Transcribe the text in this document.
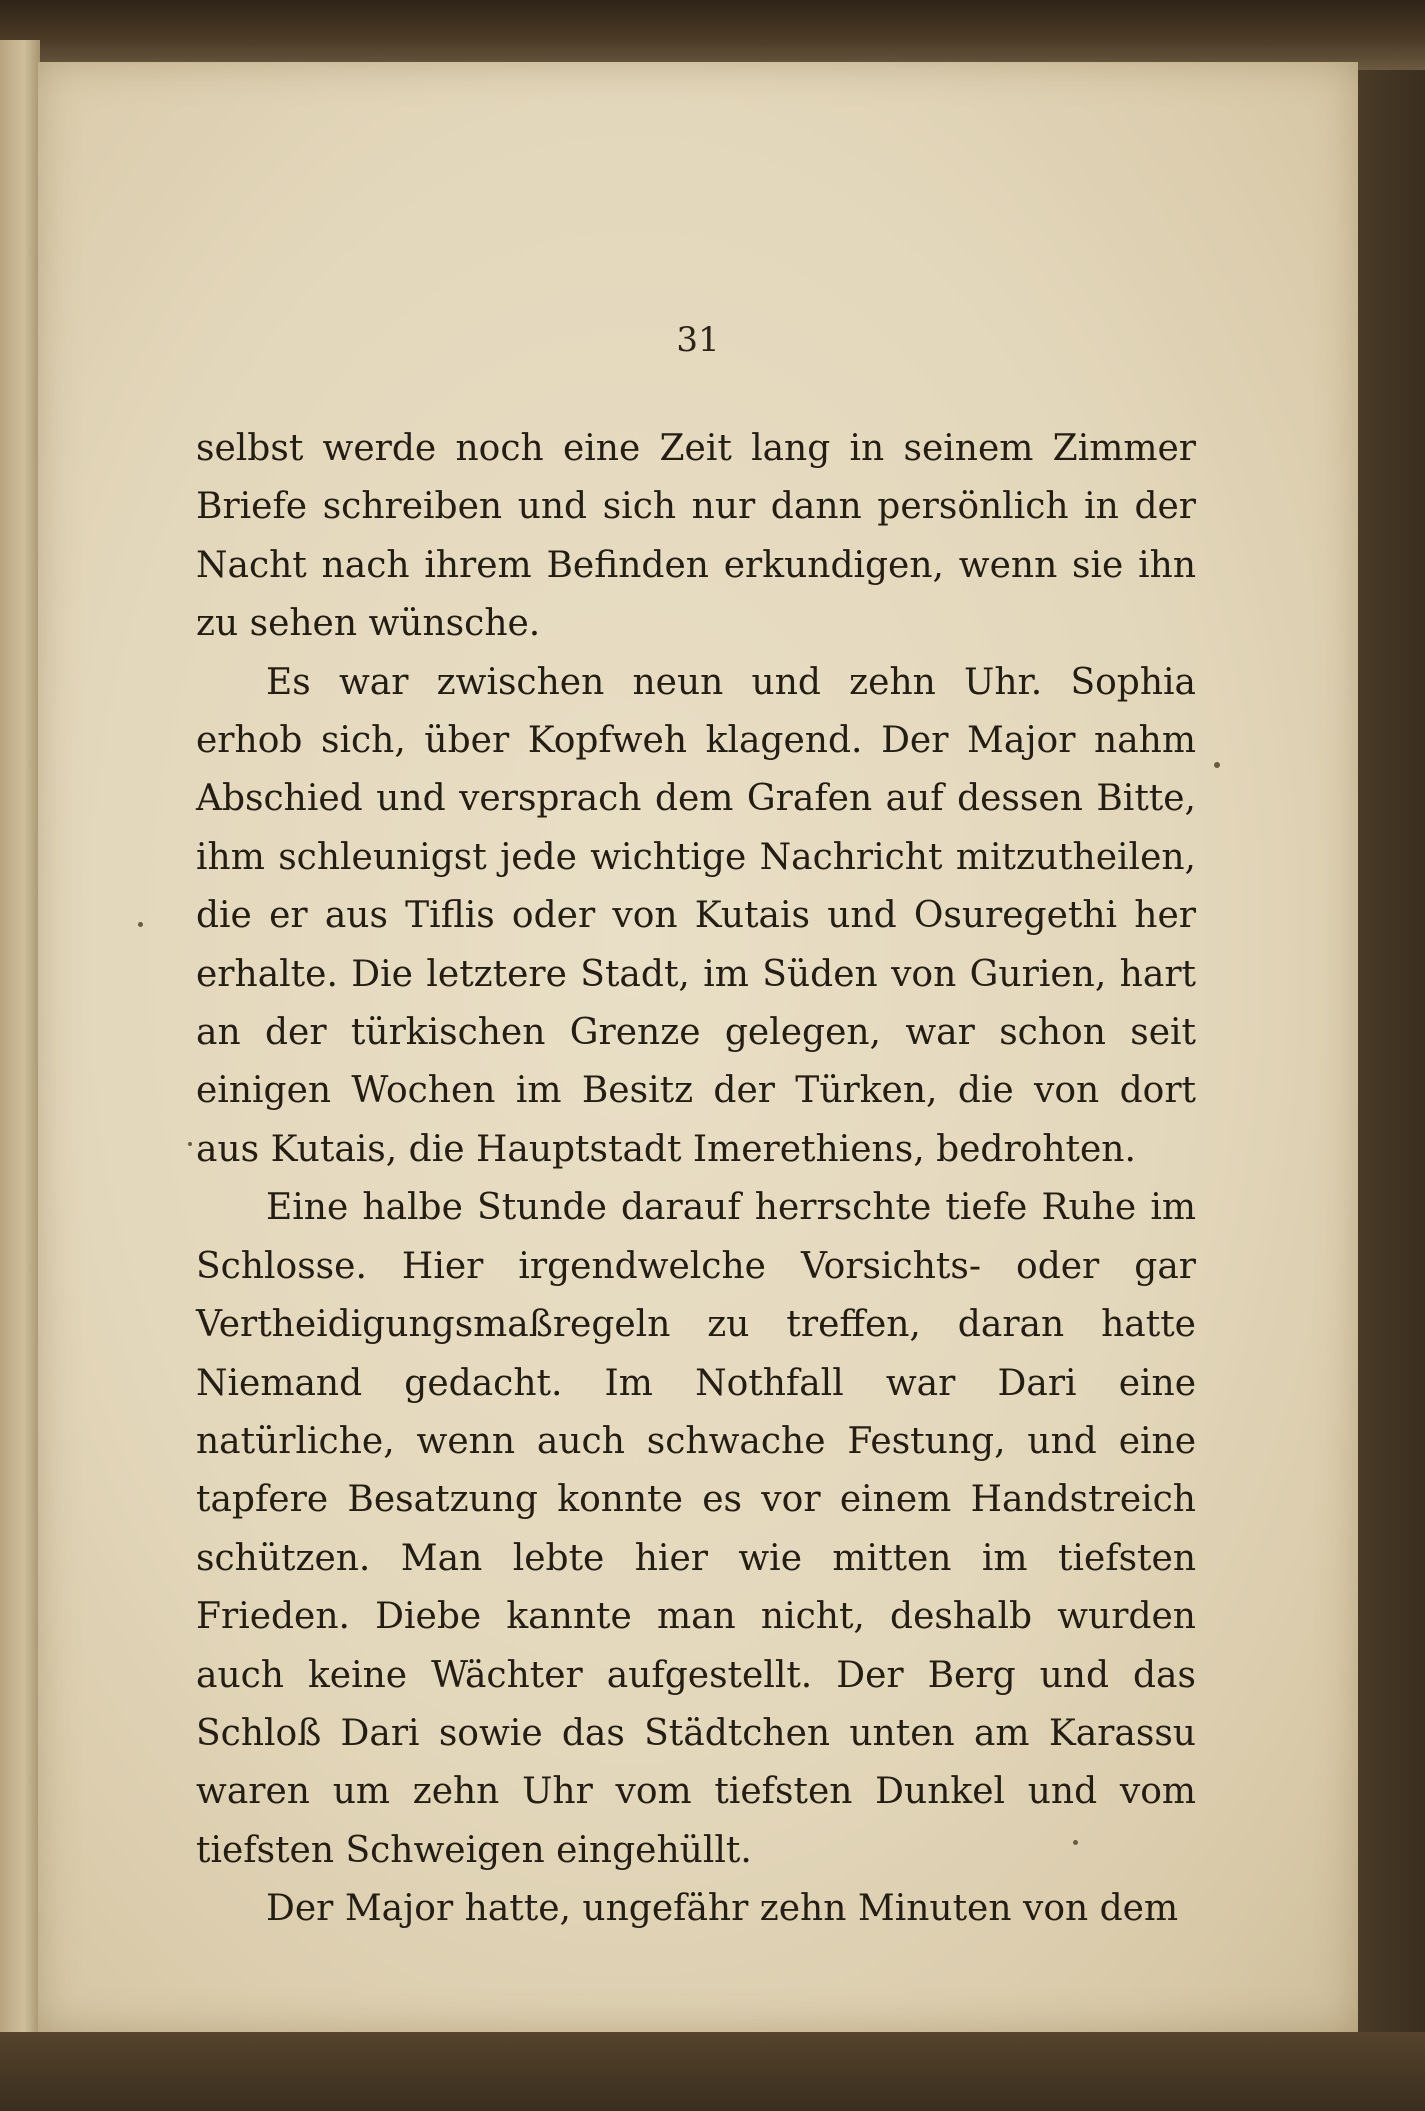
31

selbst werde noch eine Zeit lang in seinem Zimmer Briefe schreiben und sich nur dann persönlich in der Nacht nach ihrem Befinden erkundigen, wenn sie ihn zu sehen wünsche.

Es war zwischen neun und zehn Uhr. Sophia erhob sich, über Kopfweh klagend. Der Major nahm Abschied und versprach dem Grafen auf dessen Bitte, ihm schleunigst jede wichtige Nachricht mitzutheilen, die er aus Tiflis oder von Kutais und Osuregethi her erhalte. Die letztere Stadt, im Süden von Gurien, hart an der türkischen Grenze gelegen, war schon seit einigen Wochen im Besitz der Türken, die von dort aus Kutais, die Hauptstadt Imerethiens, bedrohten.

Eine halbe Stunde darauf herrschte tiefe Ruhe im Schlosse. Hier irgendwelche Vorsichts- oder gar Vertheidigungsmaßregeln zu treffen, daran hatte Niemand gedacht. Im Nothfall war Dari eine natürliche, wenn auch schwache Festung, und eine tapfere Besatzung konnte es vor einem Handstreich schützen. Man lebte hier wie mitten im tiefsten Frieden. Diebe kannte man nicht, deshalb wurden auch keine Wächter aufgestellt. Der Berg und das Schloß Dari sowie das Städtchen unten am Karassu waren um zehn Uhr vom tiefsten Dunkel und vom tiefsten Schweigen eingehüllt.

Der Major hatte, ungefähr zehn Minuten von dem
